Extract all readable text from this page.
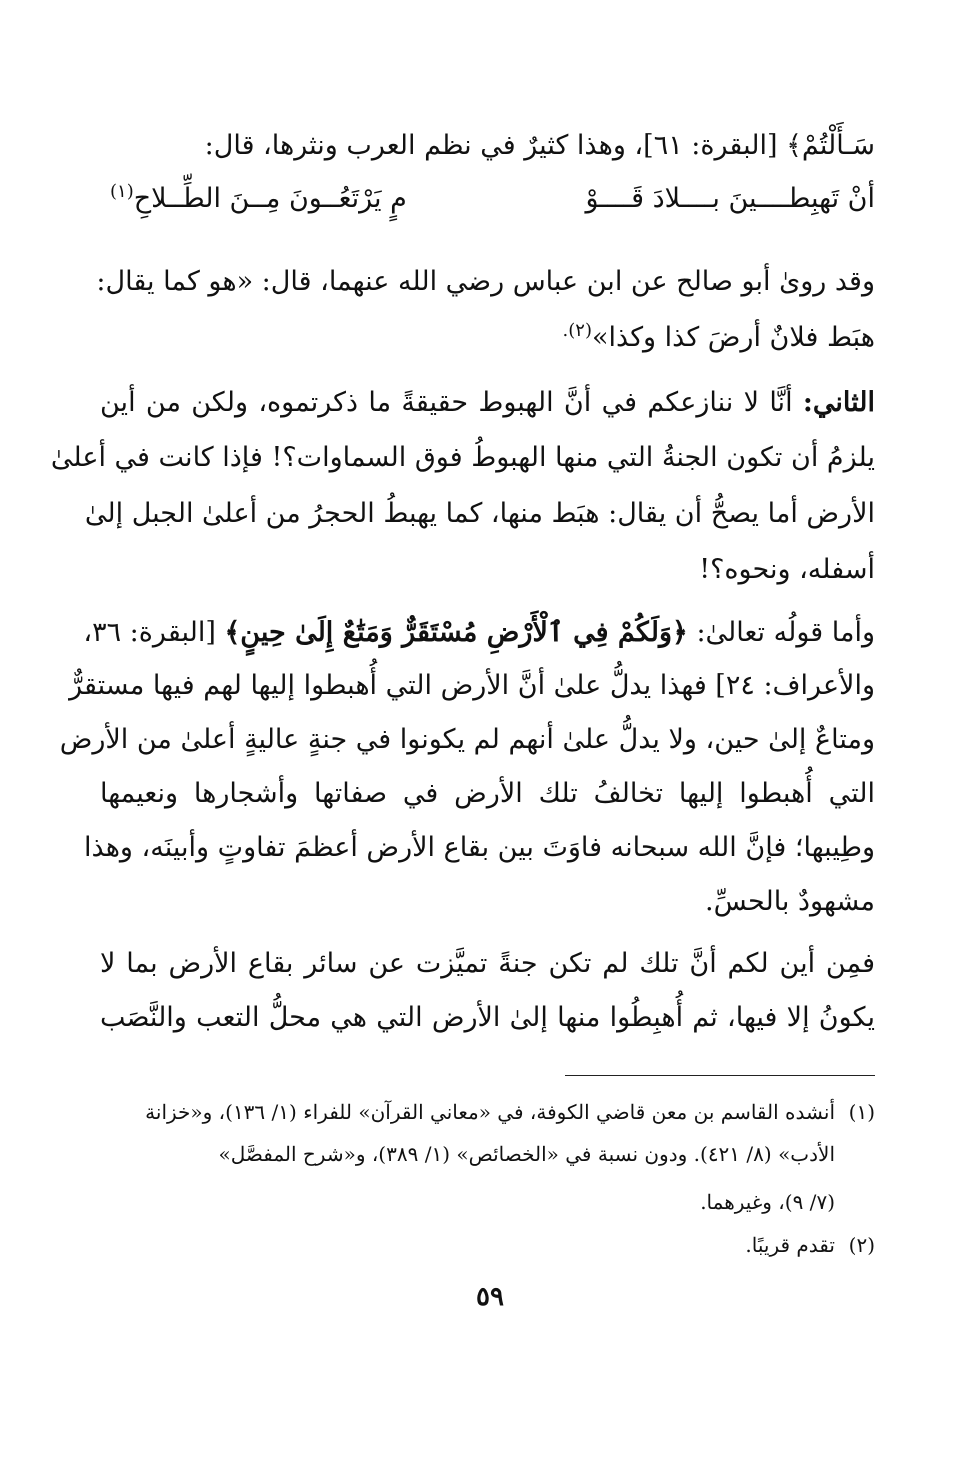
سَـأَلْتُمْ﴾ [البقرة: ٦١]، وهذا كثيرٌ في نظم العرب ونثرها، قال:
أنْ تَهبِطــــينَ بــــلادَ قَــــوْ
مٍ يَرْتَعُــونَ مِــنَ الطِّــلاحِ$^{(١)}$
وقد روىٰ أبو صالح عن ابن عباس رضي الله عنهما، قال: «هو كما يقال:
هبَط فلانٌ أرضَ كذا وكذا»$^{(٢).}$
الثاني: أنَّا لا ننازعكم في أنَّ الهبوط حقيقةً ما ذكرتموه، ولكن من أين
يلزمُ أن تكون الجنةُ التي منها الهبوطُ فوق السماوات؟! فإذا كانت في أعلىٰ
الأرض أما يصحُّ أن يقال: هبَط منها، كما يهبطُ الحجرُ من أعلىٰ الجبل إلىٰ
أسفله، ونحوه؟!
وأما قولُه تعالىٰ: ﴿وَلَكُمْ فِي ٱلْأَرْضِ مُسْتَقَرٌّ وَمَتَٰعٌ إِلَىٰ حِينٍ﴾ [البقرة: ٣٦،
والأعراف: ٢٤] فهذا يدلُّ علىٰ أنَّ الأرض التي أُهبطوا إليها لهم فيها مستقرٌّ
ومتاعٌ إلىٰ حين، ولا يدلُّ علىٰ أنهم لم يكونوا في جنةٍ عاليةٍ أعلىٰ من الأرض
التي أُهبطوا إليها تخالفُ تلك الأرض في صفاتها وأشجارها ونعيمها
وطِيبها؛ فإنَّ الله سبحانه فاوَتَ بين بقاع الأرض أعظمَ تفاوتٍ وأبينَه، وهذا
مشهودٌ بالحسِّ.
فمِن أين لكم أنَّ تلك لم تكن جنةً تميَّزت عن سائر بقاع الأرض بما لا
يكونُ إلا فيها، ثم أُهبِطُوا منها إلىٰ الأرض التي هي محلُّ التعب والنَّصَب
(١)أنشده القاسم بن معن قاضي الكوفة، في «معاني القرآن» للفراء (١/ ١٣٦)، و«خزانة
الأدب» (٨/ ٤٢١). ودون نسبة في «الخصائص» (١/ ٣٨٩)، و«شرح المفصَّل»
(٧/ ٩)، وغيرهما.
(٢)تقدم قريبًا.
٥٩
